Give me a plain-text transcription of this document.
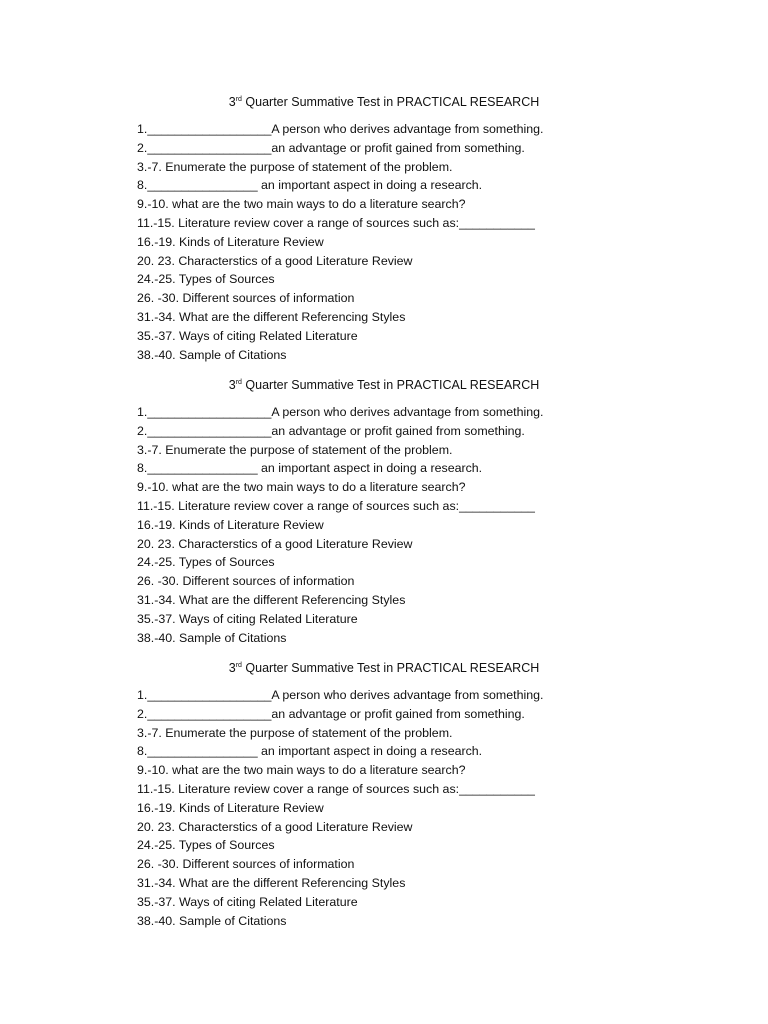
3rd Quarter Summative Test in PRACTICAL RESEARCH
1.__________________A person who derives advantage from something.
2.__________________an advantage or profit gained from something.
3.-7. Enumerate the purpose of statement of the problem.
8.________________ an important aspect in doing a research.
9.-10. what are the two main ways to do a literature search?
11.-15. Literature review cover a range of sources such as:___________
16.-19. Kinds of Literature Review
20. 23. Characterstics of a good Literature Review
24.-25. Types of Sources
26. -30. Different sources of information
31.-34. What are the different Referencing Styles
35.-37. Ways of citing Related Literature
38.-40. Sample of Citations
3rd Quarter Summative Test in PRACTICAL RESEARCH
1.__________________A person who derives advantage from something.
2.__________________an advantage or profit gained from something.
3.-7. Enumerate the purpose of statement of the problem.
8.________________ an important aspect in doing a research.
9.-10. what are the two main ways to do a literature search?
11.-15. Literature review cover a range of sources such as:___________
16.-19. Kinds of Literature Review
20. 23. Characterstics of a good Literature Review
24.-25. Types of Sources
26. -30. Different sources of information
31.-34. What are the different Referencing Styles
35.-37. Ways of citing Related Literature
38.-40. Sample of Citations
3rd Quarter Summative Test in PRACTICAL RESEARCH
1.__________________A person who derives advantage from something.
2.__________________an advantage or profit gained from something.
3.-7. Enumerate the purpose of statement of the problem.
8.________________ an important aspect in doing a research.
9.-10. what are the two main ways to do a literature search?
11.-15. Literature review cover a range of sources such as:___________
16.-19. Kinds of Literature Review
20. 23. Characterstics of a good Literature Review
24.-25. Types of Sources
26. -30. Different sources of information
31.-34. What are the different Referencing Styles
35.-37. Ways of citing Related Literature
38.-40. Sample of Citations
